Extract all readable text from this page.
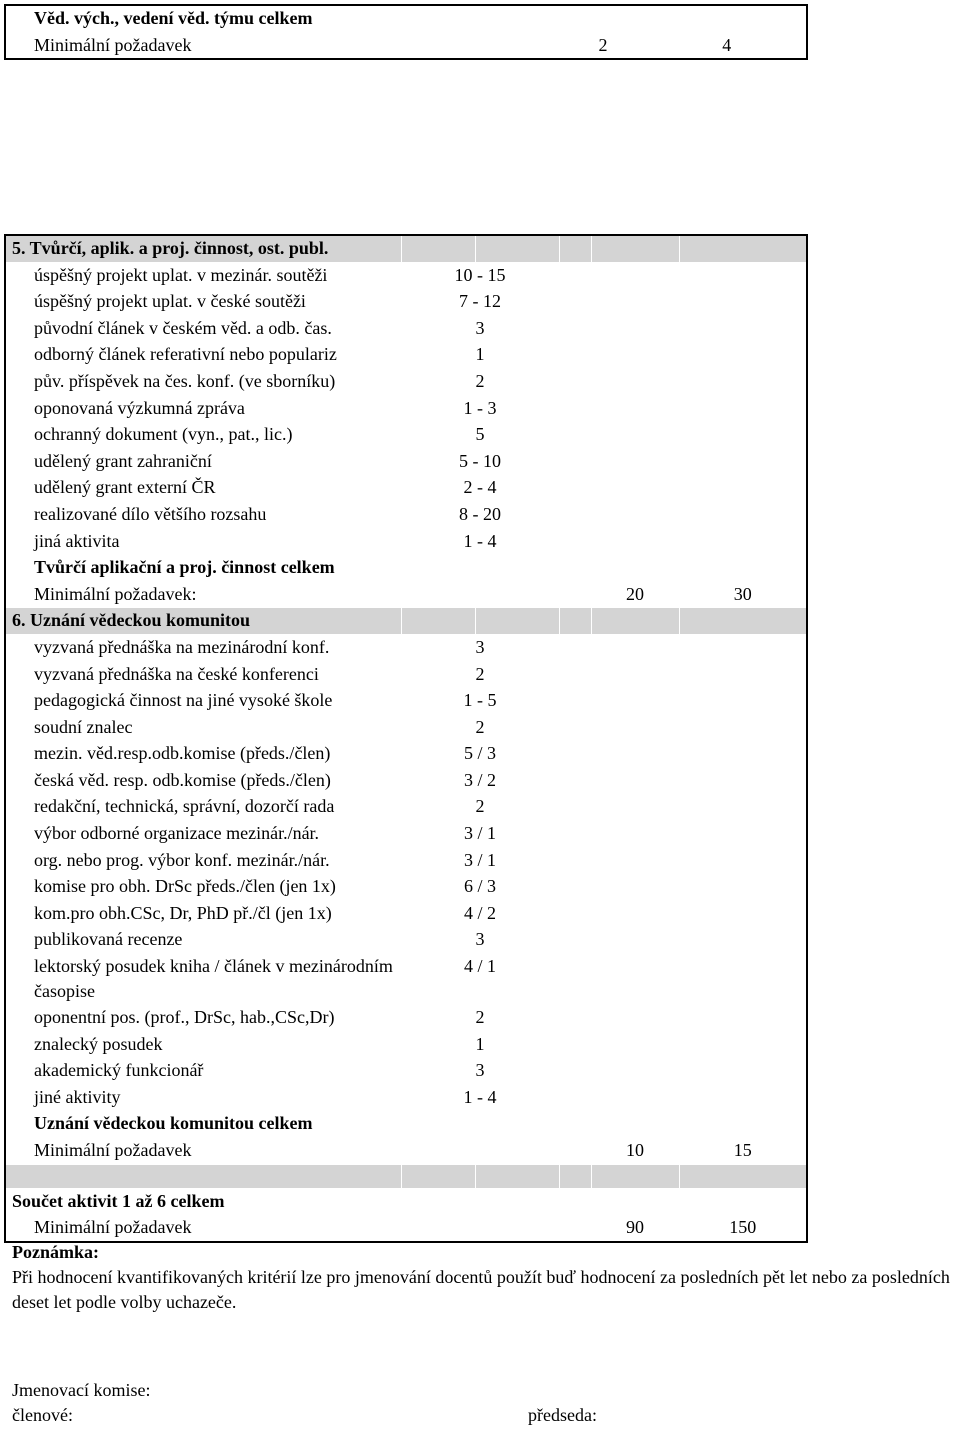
Věd. vých., vedení věd. týmu celkem			
Minimální požadavek		2	4
5. Tvůrčí, aplik. a proj. činnost, ost. publ.					
úspěšný projekt uplat. v mezinár. soutěži	10 - 15				
úspěšný projekt uplat. v české soutěži	7 - 12				
původní článek v českém věd. a odb. čas.	3				
odborný článek referativní nebo populariz	1				
pův. příspěvek na čes. konf. (ve sborníku)	2				
oponovaná výzkumná zpráva	1 - 3				
ochranný dokument (vyn., pat., lic.)	5				
udělený grant zahraniční	5 - 10				
udělený grant externí ČR	2 - 4				
realizované dílo většího rozsahu	8 - 20				
jiná aktivita	1 - 4				
Tvůrčí aplikační a proj. činnost celkem					
Minimální požadavek:				20	30
6. Uznání vědeckou komunitou					
vyzvaná přednáška na mezinárodní konf.	3				
vyzvaná přednáška na české konferenci	2				
pedagogická činnost na jiné vysoké škole	1 - 5				
soudní znalec	2				
mezin. věd.resp.odb.komise (předs./člen)	5 / 3				
česká věd. resp. odb.komise (předs./člen)	3 / 2				
redakční, technická, správní, dozorčí rada	2				
výbor odborné organizace mezinár./nár.	3 / 1				
org. nebo prog. výbor konf. mezinár./nár.	3 / 1				
komise pro obh. DrSc předs./člen (jen 1x)	6 / 3				
kom.pro obh.CSc, Dr, PhD př./čl (jen 1x)	4 / 2				
publikovaná recenze	3				
lektorský posudek kniha / článek v mezinárodním časopise	4 / 1				
oponentní pos. (prof., DrSc, hab.,CSc,Dr)	2				
znalecký posudek	1				
akademický funkcionář	3				
jiné aktivity	1 - 4				
Uznání vědeckou komunitou celkem					
Minimální požadavek				10	15

Součet aktivit 1 až 6 celkem					
Minimální požadavek				90	150
Poznámka:
Při hodnocení kvantifikovaných kritérií lze pro jmenování docentů použít buď hodnocení za posledních pět let nebo za posledních deset let podle volby uchazeče.
Jmenovací komise:
členové:	předseda:
